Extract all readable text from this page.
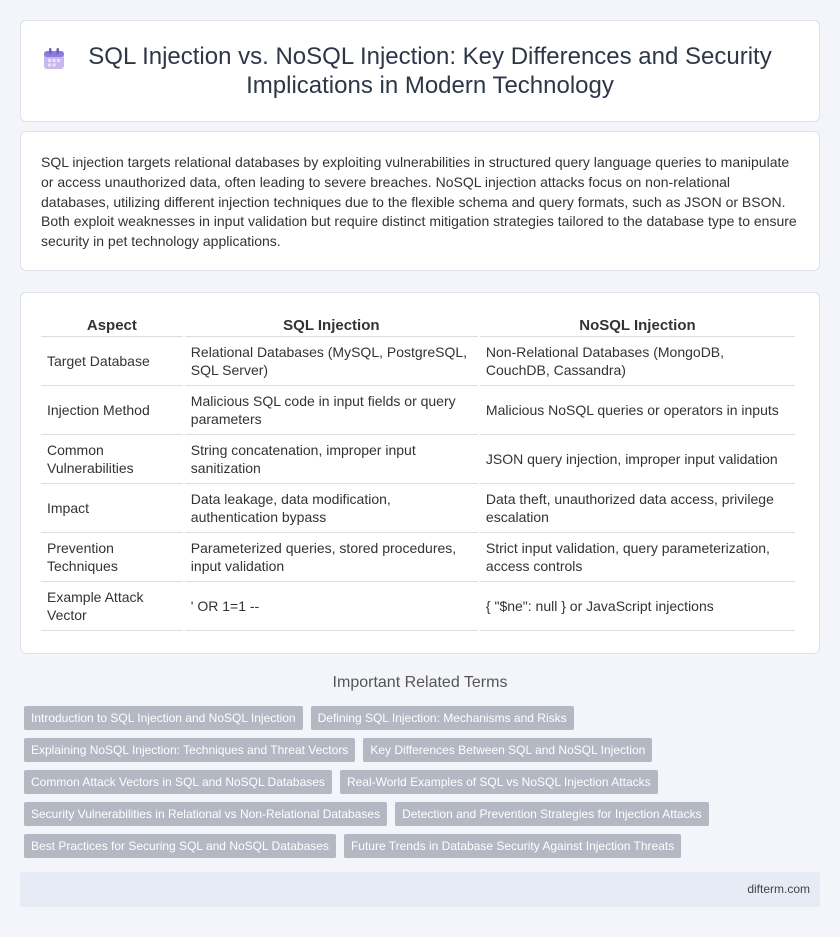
SQL Injection vs. NoSQL Injection: Key Differences and Security Implications in Modern Technology

SQL injection targets relational databases by exploiting vulnerabilities in structured query language queries to manipulate or access unauthorized data, often leading to severe breaches. NoSQL injection attacks focus on non-relational databases, utilizing different injection techniques due to the flexible schema and query formats, such as JSON or BSON. Both exploit weaknesses in input validation but require distinct mitigation strategies tailored to the database type to ensure security in pet technology applications.

Aspect	SQL Injection	NoSQL Injection
Target Database	Relational Databases (MySQL, PostgreSQL, SQL Server)	Non-Relational Databases (MongoDB, CouchDB, Cassandra)
Injection Method	Malicious SQL code in input fields or query parameters	Malicious NoSQL queries or operators in inputs
Common Vulnerabilities	String concatenation, improper input sanitization	JSON query injection, improper input validation
Impact	Data leakage, data modification, authentication bypass	Data theft, unauthorized data access, privilege escalation
Prevention Techniques	Parameterized queries, stored procedures, input validation	Strict input validation, query parameterization, access controls
Example Attack Vector	' OR 1=1 --	{ "$ne": null } or JavaScript injections
Important Related Terms
Introduction to SQL Injection and NoSQL Injection	Defining SQL Injection: Mechanisms and Risks
Explaining NoSQL Injection: Techniques and Threat Vectors	Key Differences Between SQL and NoSQL Injection
Common Attack Vectors in SQL and NoSQL Databases	Real-World Examples of SQL vs NoSQL Injection Attacks
Security Vulnerabilities in Relational vs Non-Relational Databases	Detection and Prevention Strategies for Injection Attacks
Best Practices for Securing SQL and NoSQL Databases	Future Trends in Database Security Against Injection Threats
difterm.com
